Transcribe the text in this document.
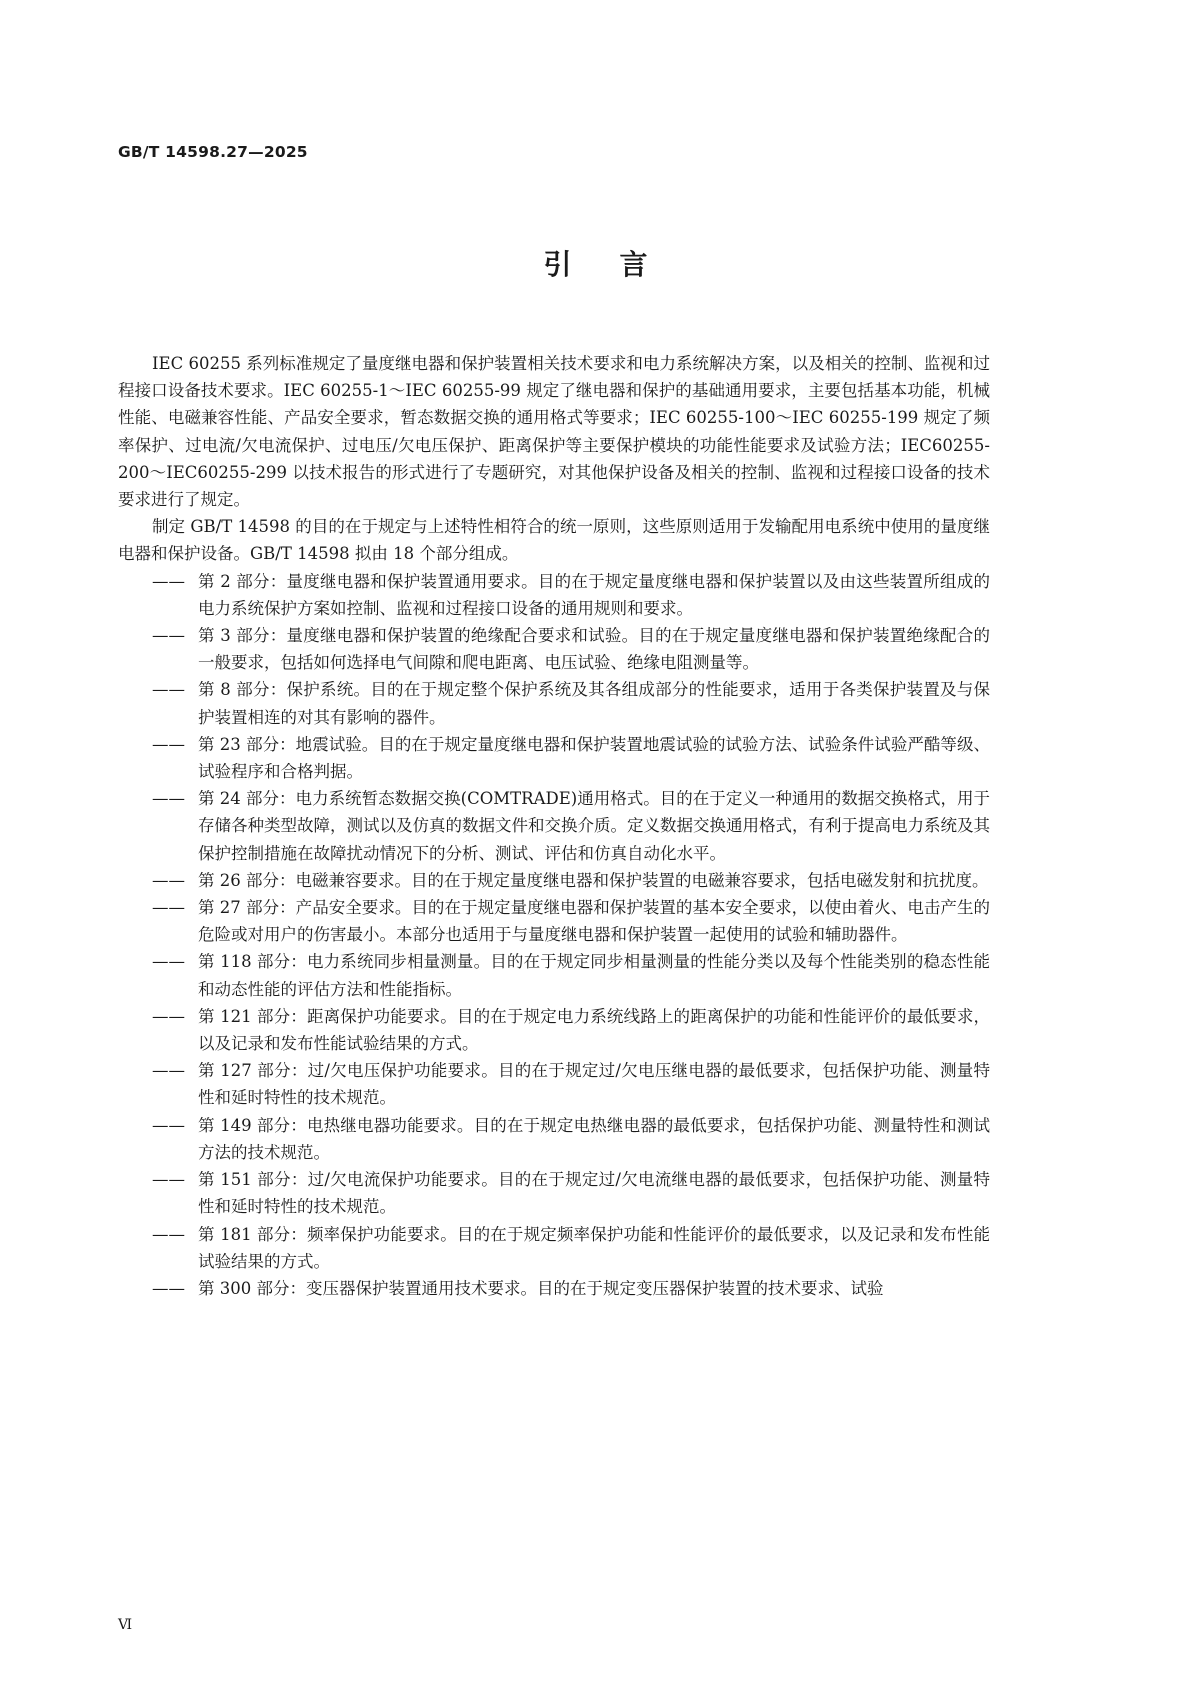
GB/T 14598.27—2025
引言

IEC 60255 系列标准规定了量度继电器和保护装置相关技术要求和电力系统解决方案，以及相关的控制、监视和过程接口设备技术要求。IEC 60255-1～IEC 60255-99 规定了继电器和保护的基础通用要求，主要包括基本功能，机械性能、电磁兼容性能、产品安全要求，暂态数据交换的通用格式等要求；IEC 60255-100～IEC 60255-199 规定了频率保护、过电流/欠电流保护、过电压/欠电压保护、距离保护等主要保护模块的功能性能要求及试验方法；IEC60255-200～IEC60255-299 以技术报告的形式进行了专题研究，对其他保护设备及相关的控制、监视和过程接口设备的技术要求进行了规定。

制定 GB/T 14598 的目的在于规定与上述特性相符合的统一原则，这些原则适用于发输配用电系统中使用的量度继电器和保护设备。GB/T 14598 拟由 18 个部分组成。

—— 第 2 部分：量度继电器和保护装置通用要求。目的在于规定量度继电器和保护装置以及由这些装置所组成的电力系统保护方案如控制、监视和过程接口设备的通用规则和要求。
—— 第 3 部分：量度继电器和保护装置的绝缘配合要求和试验。目的在于规定量度继电器和保护装置绝缘配合的一般要求，包括如何选择电气间隙和爬电距离、电压试验、绝缘电阻测量等。
—— 第 8 部分：保护系统。目的在于规定整个保护系统及其各组成部分的性能要求，适用于各类保护装置及与保护装置相连的对其有影响的器件。
—— 第 23 部分：地震试验。目的在于规定量度继电器和保护装置地震试验的试验方法、试验条件试验严酷等级、试验程序和合格判据。
—— 第 24 部分：电力系统暂态数据交换(COMTRADE)通用格式。目的在于定义一种通用的数据交换格式，用于存储各种类型故障，测试以及仿真的数据文件和交换介质。定义数据交换通用格式，有利于提高电力系统及其保护控制措施在故障扰动情况下的分析、测试、评估和仿真自动化水平。
—— 第 26 部分：电磁兼容要求。目的在于规定量度继电器和保护装置的电磁兼容要求，包括电磁发射和抗扰度。
—— 第 27 部分：产品安全要求。目的在于规定量度继电器和保护装置的基本安全要求，以使由着火、电击产生的危险或对用户的伤害最小。本部分也适用于与量度继电器和保护装置一起使用的试验和辅助器件。
—— 第 118 部分：电力系统同步相量测量。目的在于规定同步相量测量的性能分类以及每个性能类别的稳态性能和动态性能的评估方法和性能指标。
—— 第 121 部分：距离保护功能要求。目的在于规定电力系统线路上的距离保护的功能和性能评价的最低要求，以及记录和发布性能试验结果的方式。
—— 第 127 部分：过/欠电压保护功能要求。目的在于规定过/欠电压继电器的最低要求，包括保护功能、测量特性和延时特性的技术规范。
—— 第 149 部分：电热继电器功能要求。目的在于规定电热继电器的最低要求，包括保护功能、测量特性和测试方法的技术规范。
—— 第 151 部分：过/欠电流保护功能要求。目的在于规定过/欠电流继电器的最低要求，包括保护功能、测量特性和延时特性的技术规范。
—— 第 181 部分：频率保护功能要求。目的在于规定频率保护功能和性能评价的最低要求，以及记录和发布性能试验结果的方式。
—— 第 300 部分：变压器保护装置通用技术要求。目的在于规定变压器保护装置的技术要求、试验
Ⅵ
